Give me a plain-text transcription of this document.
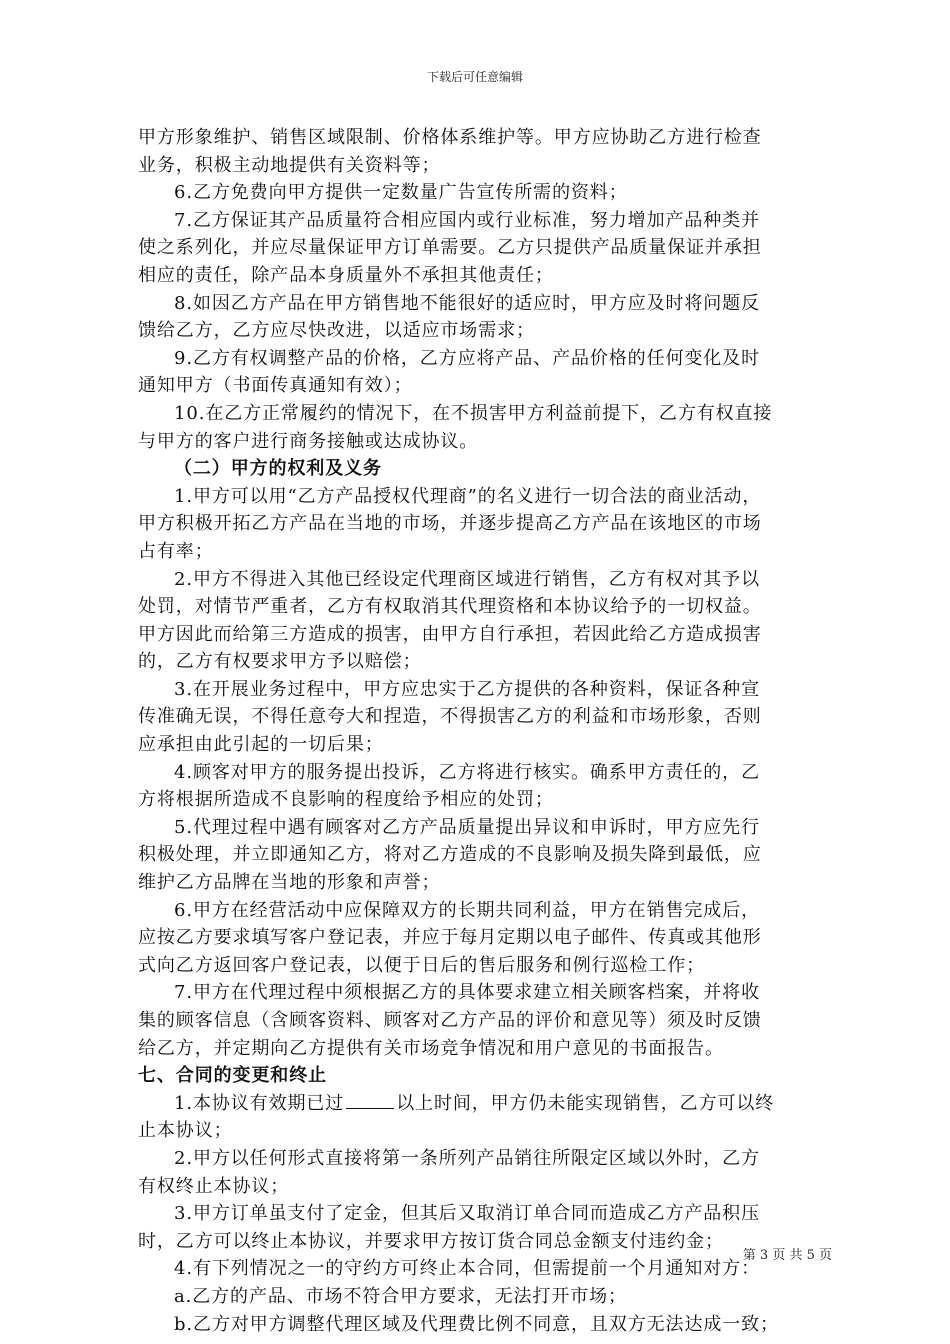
下载后可任意编辑
甲方形象维护、销售区域限制、价格体系维护等。甲方应协助乙方进行检查
业务，积极主动地提供有关资料等；
6.乙方免费向甲方提供一定数量广告宣传所需的资料；
7.乙方保证其产品质量符合相应国内或行业标准，努力增加产品种类并
使之系列化，并应尽量保证甲方订单需要。乙方只提供产品质量保证并承担
相应的责任，除产品本身质量外不承担其他责任；
8.如因乙方产品在甲方销售地不能很好的适应时，甲方应及时将问题反
馈给乙方，乙方应尽快改进，以适应市场需求；
9.乙方有权调整产品的价格，乙方应将产品、产品价格的任何变化及时
通知甲方（书面传真通知有效）；
10.在乙方正常履约的情况下，在不损害甲方利益前提下，乙方有权直接
与甲方的客户进行商务接触或达成协议。
（二）甲方的权利及义务
1.甲方可以用“乙方产品授权代理商”的名义进行一切合法的商业活动，
甲方积极开拓乙方产品在当地的市场，并逐步提高乙方产品在该地区的市场
占有率；
2.甲方不得进入其他已经设定代理商区域进行销售，乙方有权对其予以
处罚，对情节严重者，乙方有权取消其代理资格和本协议给予的一切权益。
甲方因此而给第三方造成的损害，由甲方自行承担，若因此给乙方造成损害
的，乙方有权要求甲方予以赔偿；
3.在开展业务过程中，甲方应忠实于乙方提供的各种资料，保证各种宣
传准确无误，不得任意夸大和捏造，不得损害乙方的利益和市场形象，否则
应承担由此引起的一切后果；
4.顾客对甲方的服务提出投诉，乙方将进行核实。确系甲方责任的，乙
方将根据所造成不良影响的程度给予相应的处罚；
5.代理过程中遇有顾客对乙方产品质量提出异议和申诉时，甲方应先行
积极处理，并立即通知乙方，将对乙方造成的不良影响及损失降到最低，应
维护乙方品牌在当地的形象和声誉；
6.甲方在经营活动中应保障双方的长期共同利益，甲方在销售完成后，
应按乙方要求填写客户登记表，并应于每月定期以电子邮件、传真或其他形
式向乙方返回客户登记表，以便于日后的售后服务和例行巡检工作；
7.甲方在代理过程中须根据乙方的具体要求建立相关顾客档案，并将收
集的顾客信息（含顾客资料、顾客对乙方产品的评价和意见等）须及时反馈
给乙方，并定期向乙方提供有关市场竞争情况和用户意见的书面报告。
七、合同的变更和终止
1.本协议有效期已过	以上时间，甲方仍未能实现销售，乙方可以终
止本协议；
2.甲方以任何形式直接将第一条所列产品销往所限定区域以外时，乙方
有权终止本协议；
3.甲方订单虽支付了定金，但其后又取消订单合同而造成乙方产品积压
时，乙方可以终止本协议，并要求甲方按订货合同总金额支付违约金；
4.有下列情况之一的守约方可终止本合同，但需提前一个月通知对方：
a.乙方的产品、市场不符合甲方要求，无法打开市场；
b.乙方对甲方调整代理区域及代理费比例不同意，且双方无法达成一致；
第 3 页 共 5 页
